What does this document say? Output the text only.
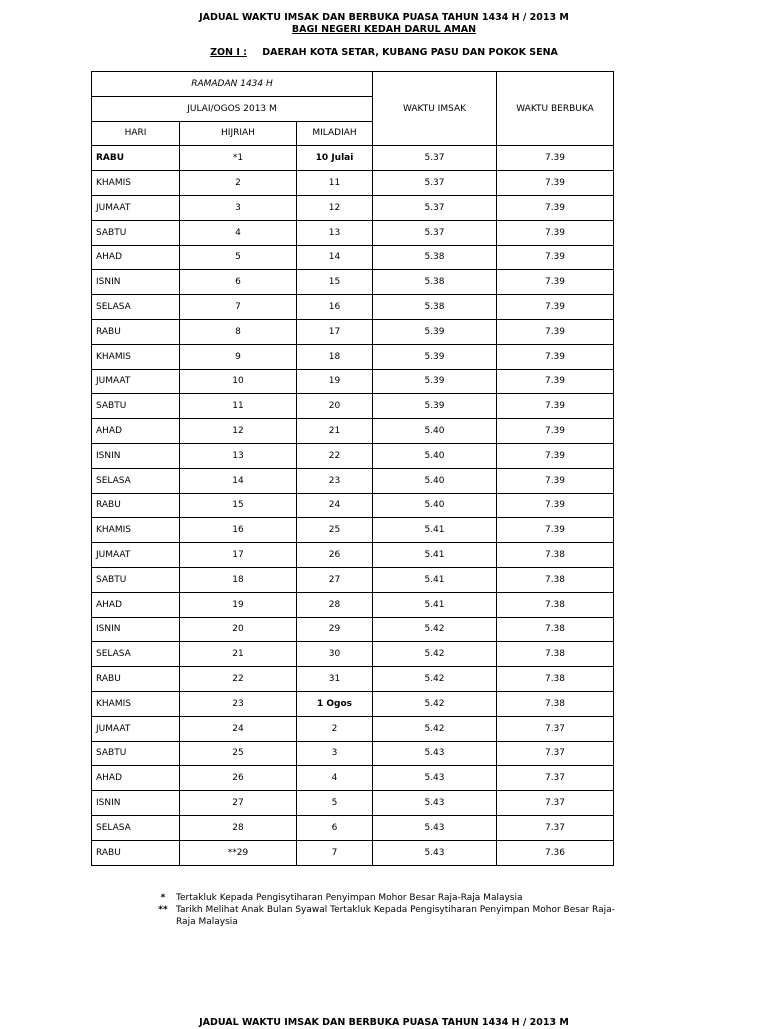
JADUAL WAKTU IMSAK DAN BERBUKA PUASA TAHUN 1434 H / 2013 M
BAGI NEGERI KEDAH DARUL AMAN
ZON I : DAERAH KOTA SETAR, KUBANG PASU DAN POKOK SENA
RAMADAN 1434 H			WAKTU IMSAK	WAKTU BERBUKA
JULAI/OGOS 2013 M				
HARI	HIJRIAH	MILADIAH		
RABU	*1	10 Julai	5.37	7.39
KHAMIS	2	11	5.37	7.39
JUMAAT	3	12	5.37	7.39
SABTU	4	13	5.37	7.39
AHAD	5	14	5.38	7.39
ISNIN	6	15	5.38	7.39
SELASA	7	16	5.38	7.39
RABU	8	17	5.39	7.39
KHAMIS	9	18	5.39	7.39
JUMAAT	10	19	5.39	7.39
SABTU	11	20	5.39	7.39
AHAD	12	21	5.40	7.39
ISNIN	13	22	5.40	7.39
SELASA	14	23	5.40	7.39
RABU	15	24	5.40	7.39
KHAMIS	16	25	5.41	7.39
JUMAAT	17	26	5.41	7.38
SABTU	18	27	5.41	7.38
AHAD	19	28	5.41	7.38
ISNIN	20	29	5.42	7.38
SELASA	21	30	5.42	7.38
RABU	22	31	5.42	7.38
KHAMIS	23	1 Ogos	5.42	7.38
JUMAAT	24	2	5.42	7.37
SABTU	25	3	5.43	7.37
AHAD	26	4	5.43	7.37
ISNIN	27	5	5.43	7.37
SELASA	28	6	5.43	7.37
RABU	**29	7	5.43	7.36
*	Tertakluk Kepada Pengisytiharan Penyimpan Mohor Besar Raja-Raja Malaysia
** Tarikh Melihat Anak Bulan Syawal Tertakluk Kepada Pengisytiharan Penyimpan Mohor Besar Raja-Raja Malaysia
JADUAL WAKTU IMSAK DAN BERBUKA PUASA TAHUN 1434 H / 2013 M
